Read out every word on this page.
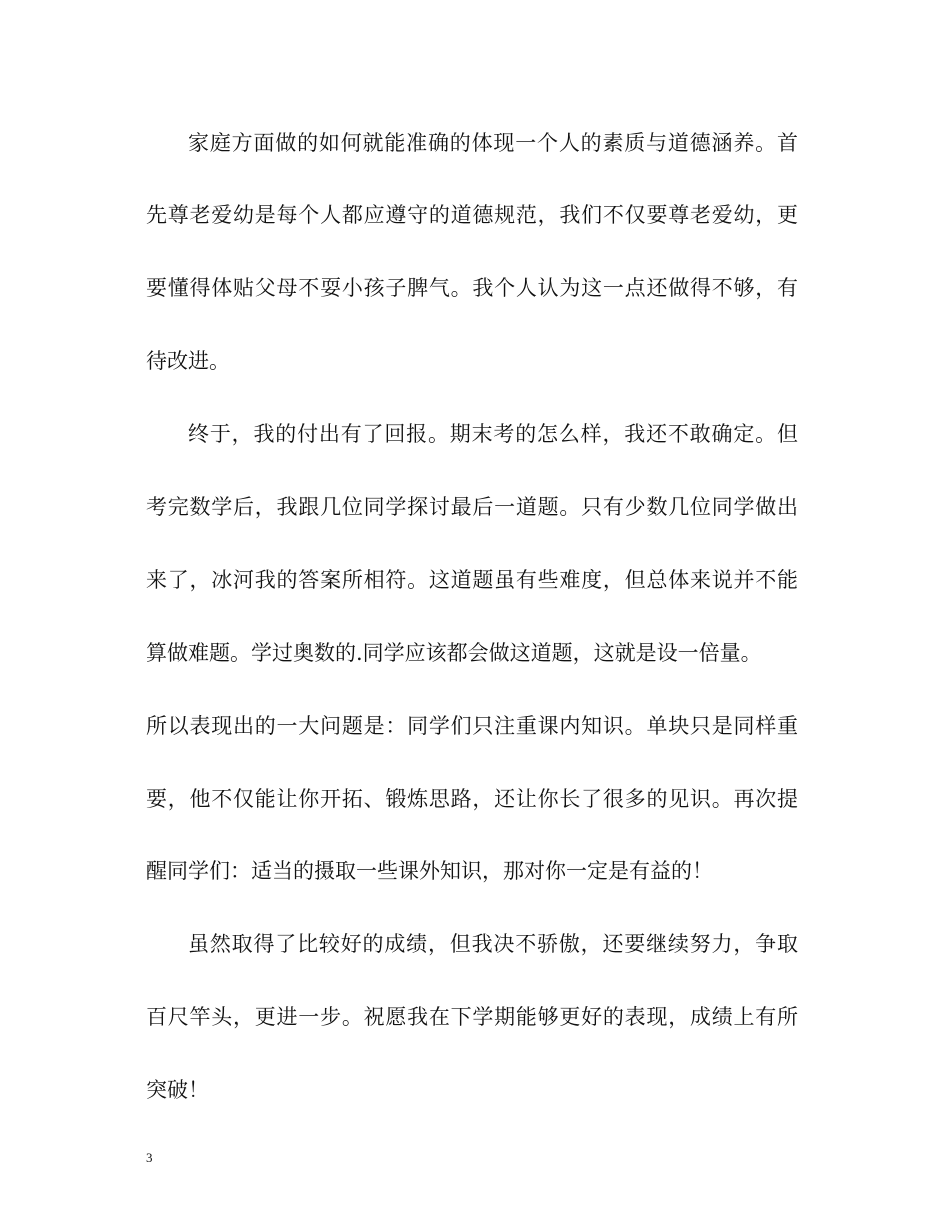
家庭方面做的如何就能准确的体现一个人的素质与道德涵养。首
先尊老爱幼是每个人都应遵守的道德规范，我们不仅要尊老爱幼，更
要懂得体贴父母不耍小孩子脾气。我个人认为这一点还做得不够，有
待改进。
终于，我的付出有了回报。期末考的怎么样，我还不敢确定。但
考完数学后，我跟几位同学探讨最后一道题。只有少数几位同学做出
来了，冰河我的答案所相符。这道题虽有些难度，但总体来说并不能
算做难题。学过奥数的.同学应该都会做这道题，这就是设一倍量。
所以表现出的一大问题是：同学们只注重课内知识。单块只是同样重
要，他不仅能让你开拓、锻炼思路，还让你长了很多的见识。再次提
醒同学们：适当的摄取一些课外知识，那对你一定是有益的！
虽然取得了比较好的成绩，但我决不骄傲，还要继续努力，争取
百尺竿头，更进一步。祝愿我在下学期能够更好的表现，成绩上有所
突破！
3
